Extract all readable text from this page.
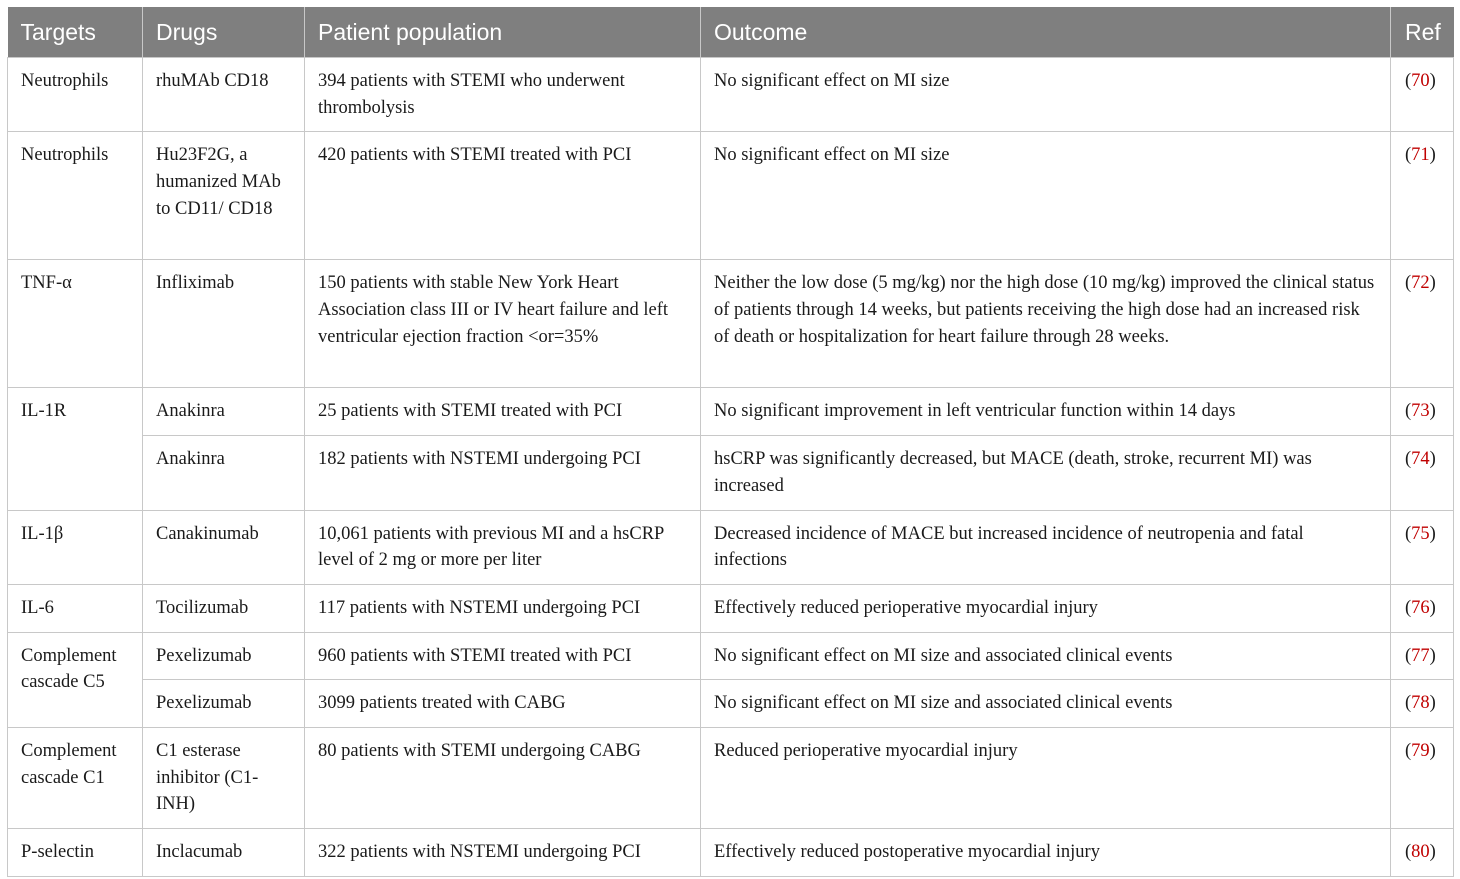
Targets	Drugs	Patient population	Outcome	Ref
Neutrophils	rhuMAb CD18	394 patients with STEMI who underwent thrombolysis	No significant effect on MI size	(70)
Neutrophils	Hu23F2G, a humanized MAb to CD11/ CD18	420 patients with STEMI treated with PCI	No significant effect on MI size	(71)
TNF-α	Infliximab	150 patients with stable New York Heart Association class III or IV heart failure and left ventricular ejection fraction <or=35%	Neither the low dose (5 mg/kg) nor the high dose (10 mg/kg) improved the clinical status of patients through 14 weeks, but patients receiving the high dose had an increased risk of death or hospitalization for heart failure through 28 weeks.	(72)
IL-1R	Anakinra	25 patients with STEMI treated with PCI	No significant improvement in left ventricular function within 14 days	(73)
	Anakinra	182 patients with NSTEMI undergoing PCI	hsCRP was significantly decreased, but MACE (death, stroke, recurrent MI) was increased	(74)
IL-1β	Canakinumab	10,061 patients with previous MI and a hsCRP level of 2 mg or more per liter	Decreased incidence of MACE but increased incidence of neutropenia and fatal infections	(75)
IL-6	Tocilizumab	117 patients with NSTEMI undergoing PCI	Effectively reduced perioperative myocardial injury	(76)
Complement cascade C5	Pexelizumab	960 patients with STEMI treated with PCI	No significant effect on MI size and associated clinical events	(77)
	Pexelizumab	3099 patients treated with CABG	No significant effect on MI size and associated clinical events	(78)
Complement cascade C1	C1 esterase inhibitor (C1-INH)	80 patients with STEMI undergoing CABG	Reduced perioperative myocardial injury	(79)
P-selectin	Inclacumab	322 patients with NSTEMI undergoing PCI	Effectively reduced postoperative myocardial injury	(80)
